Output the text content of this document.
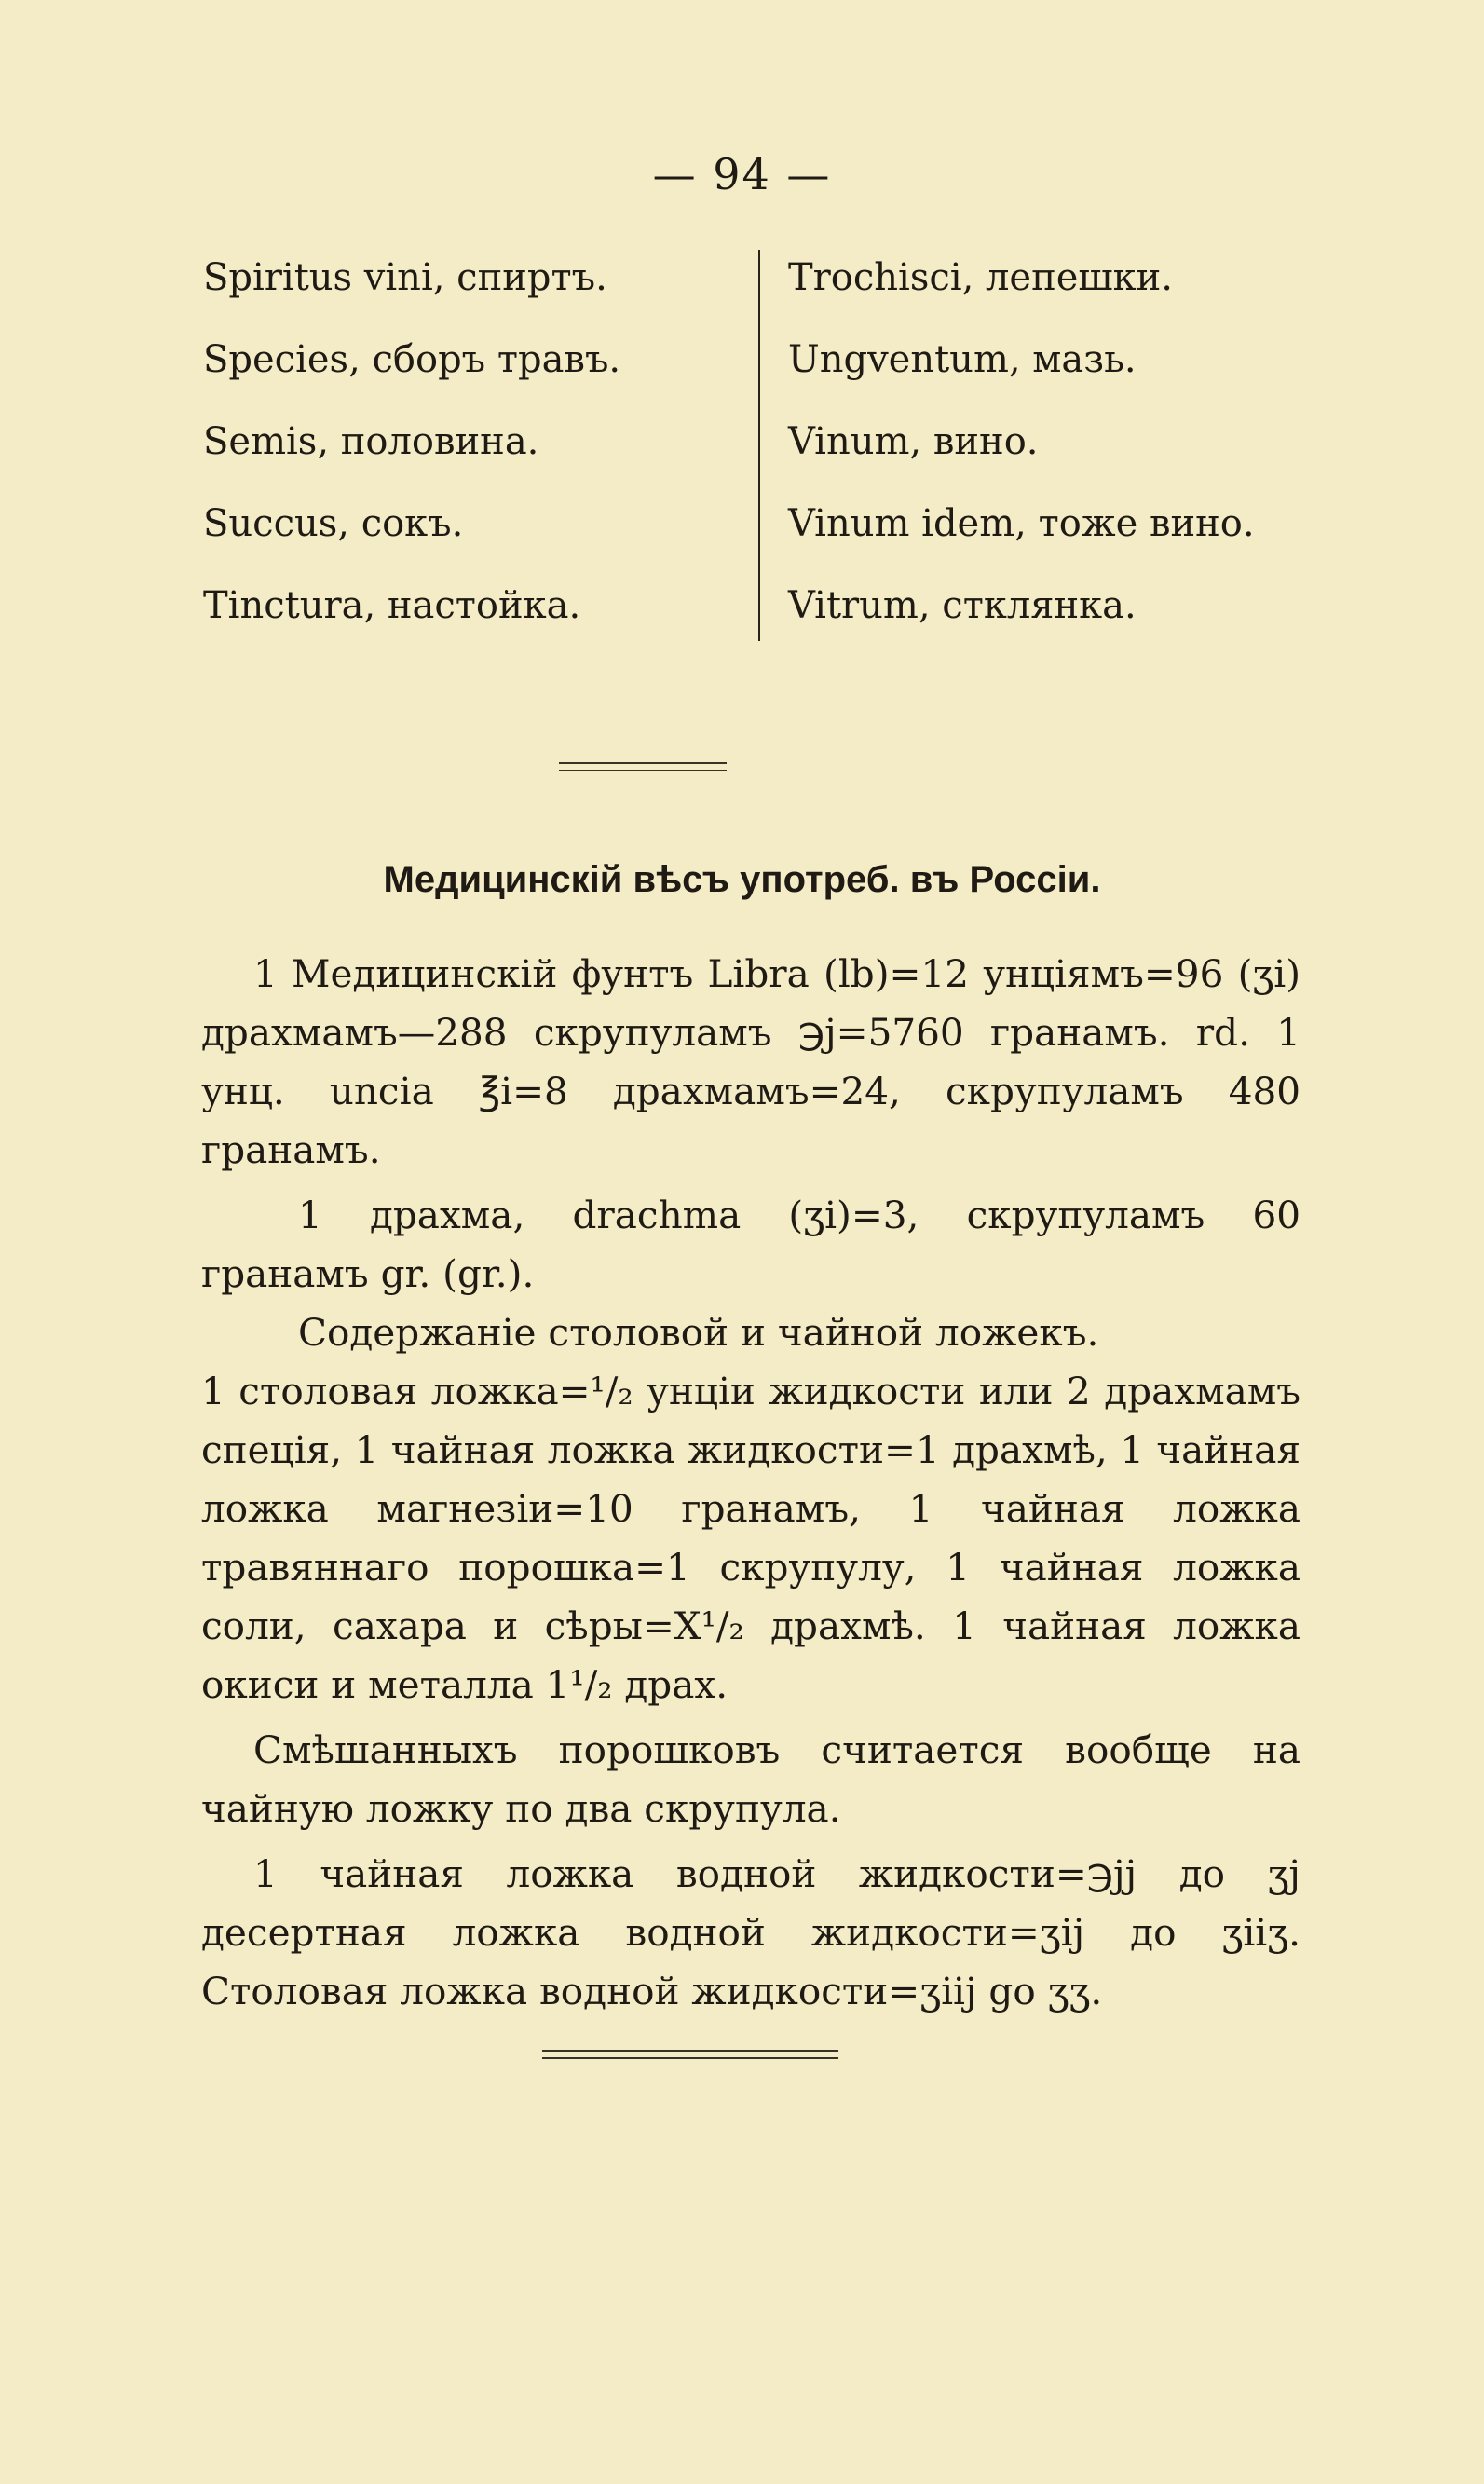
— 94 —
Spiritus vini, спиртъ.
Species, сборъ травъ.
Semis, половина.
Succus, сокъ.
Tinctura, настойка.
Trochisci, лепешки.
Ungventum, мазь.
Vinum, вино.
Vinum idem, тоже вино.
Vitrum, стклянка.
Медицинскій вѣсъ употреб. въ Россіи.

1 Медицинскій фунтъ Libra (lb)=12 унціямъ=96 (ʒi) драхмамъ—288 скрупуламъ ℈j=5760 гранамъ. rd. 1 унц. uncia ℥i=8 драхмамъ=24, скрупуламъ 480 гранамъ.

1 драхма, drachma (ʒi)=3, скрупуламъ 60 гранамъ gr. (gr.).

Содержаніе столовой и чайной ложекъ.

1 столовая ложка=¹/₂ унціи жидкости или 2 драхмамъ спеція, 1 чайная ложка жидкости=1 драхмѣ, 1 чайная ложка магнезіи=10 гранамъ, 1 чайная ложка травяннаго порошка=1 скрупулу, 1 чайная ложка соли, сахара и сѣры=X¹/₂ драхмѣ. 1 чайная ложка окиси и металла 1¹/₂ драх.

Смѣшанныхъ порошковъ считается вообще на чайную ложку по два скрупула.

1 чайная ложка водной жидкости=℈jj до ʒj десертная ложка водной жидкости=ʒij до ʒiiʒ. Столовая ложка водной жидкости=ʒiij go ʒʒ.
